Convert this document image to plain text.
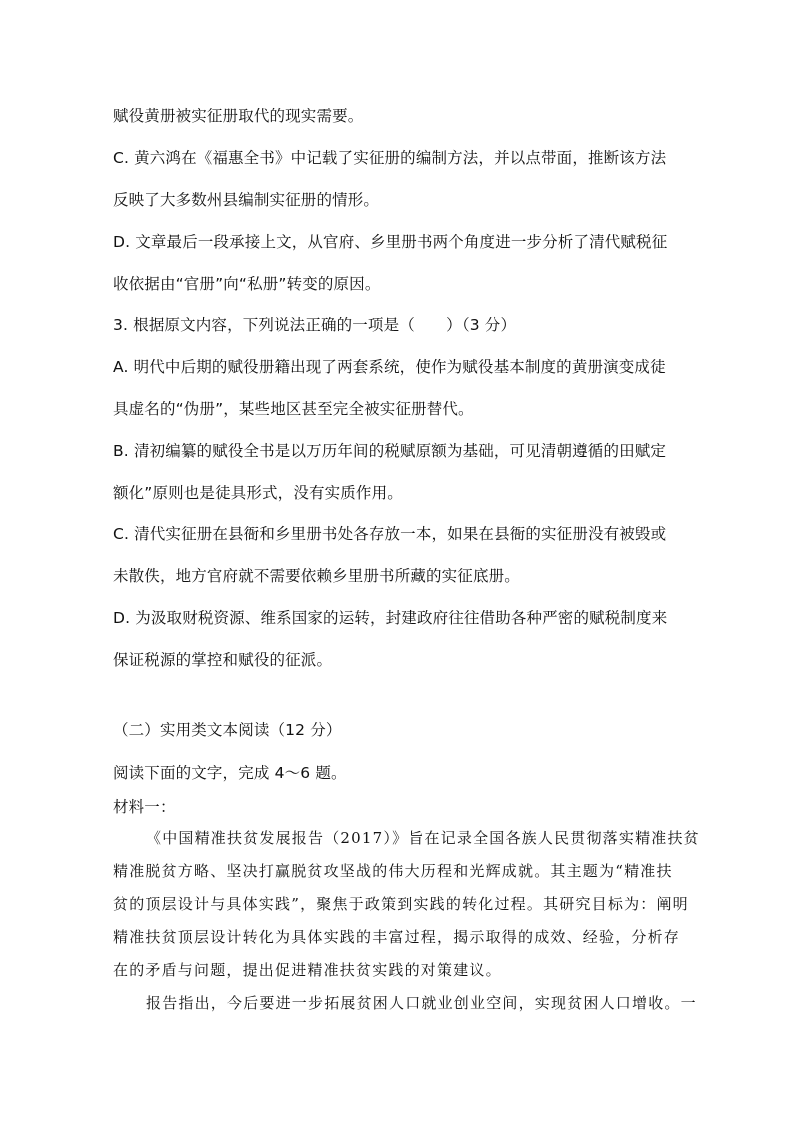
赋役黄册被实征册取代的现实需要。
C. 黄六鸿在《福惠全书》中记载了实征册的编制方法，并以点带面，推断该方法
反映了大多数州县编制实征册的情形。
D. 文章最后一段承接上文，从官府、乡里册书两个角度进一步分析了清代赋税征
收依据由“官册”向“私册”转变的原因。
3. 根据原文内容，下列说法正确的一项是（　　）（3 分）
A. 明代中后期的赋役册籍出现了两套系统，使作为赋役基本制度的黄册演变成徒
具虚名的“伪册”，某些地区甚至完全被实征册替代。
B. 清初编纂的赋役全书是以万历年间的税赋原额为基础，可见清朝遵循的田赋定
额化”原则也是徒具形式，没有实质作用。
C. 清代实征册在县衙和乡里册书处各存放一本，如果在县衙的实征册没有被毁或
未散佚，地方官府就不需要依赖乡里册书所藏的实征底册。
D. 为汲取财税资源、维系国家的运转，封建政府往往借助各种严密的赋税制度来
保证税源的掌控和赋役的征派。
（二）实用类文本阅读（12 分）
阅读下面的文字，完成 4～6 题。
材料一：
《中国精准扶贫发展报告（2017）》旨在记录全国各族人民贯彻落实精准扶贫
精准脱贫方略、坚决打赢脱贫攻坚战的伟大历程和光辉成就。其主题为“精准扶
贫的顶层设计与具体实践”，聚焦于政策到实践的转化过程。其研究目标为：阐明
精准扶贫顶层设计转化为具体实践的丰富过程，揭示取得的成效、经验，分析存
在的矛盾与问题，提出促进精准扶贫实践的对策建议。
报告指出，今后要进一步拓展贫困人口就业创业空间，实现贫困人口增收。一
